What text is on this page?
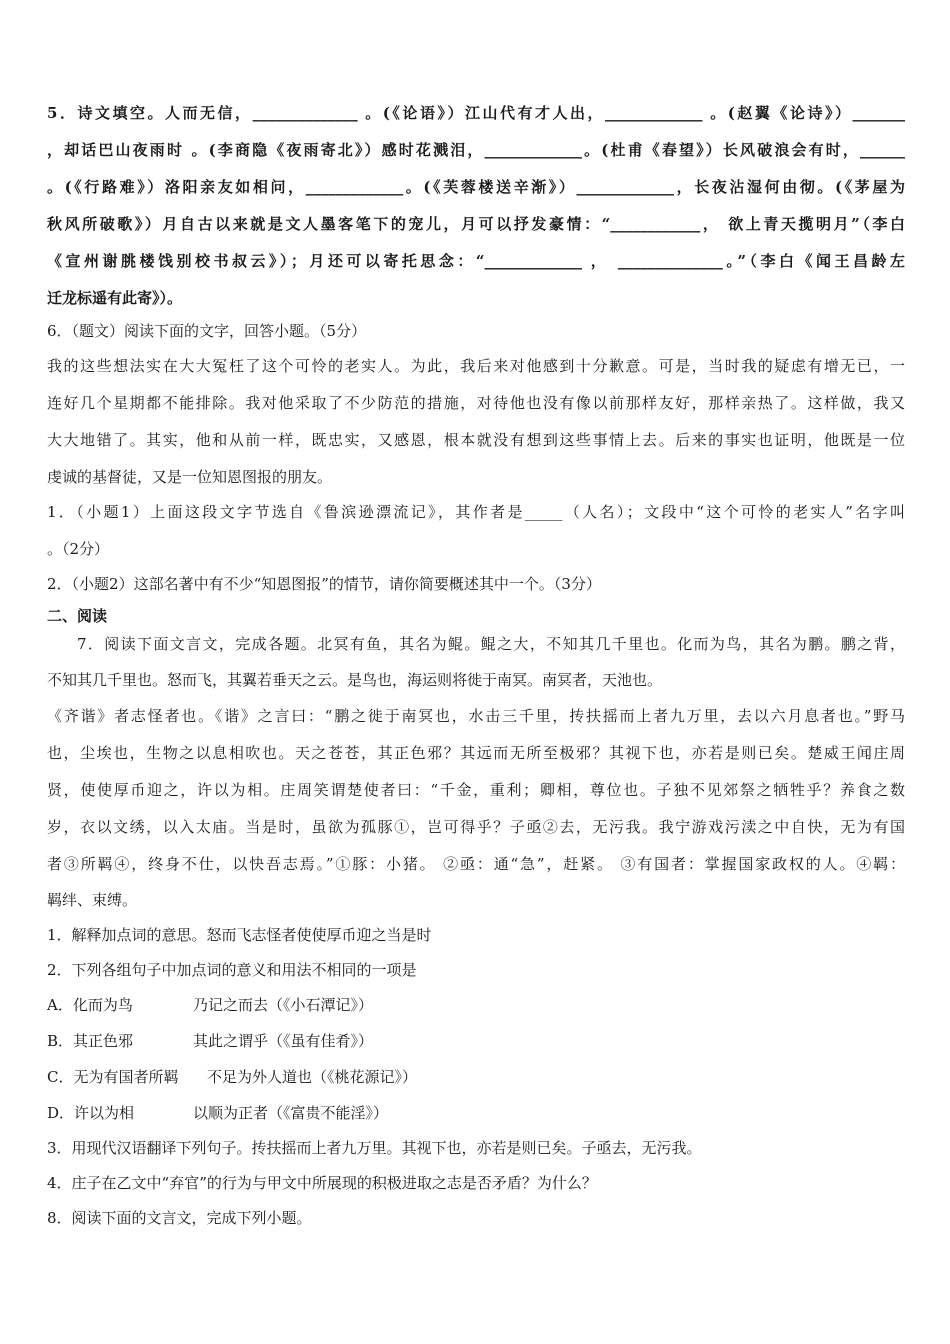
5．诗文填空。人而无信，______________ 。(《论语》）江山代有才人出，_____________ 。(赵翼《论诗》）_______
，却话巴山夜雨时 。(李商隐《夜雨寄北》）感时花溅泪，_____________。(杜甫《春望》）长风破浪会有时，______
。(《行路难》）洛阳亲友如相问，_____________。(《芙蓉楼送辛渐》）_____________，长夜沾湿何由彻。(《茅屋为
秋风所破歌》）月自古以来就是文人墨客笔下的宠儿，月可以抒发豪情：“____________， 欲上青天揽明月”（李白
《宣州谢朓楼饯别校书叔云》）；月还可以寄托思念：“_____________ ， ______________。”（李白《闻王昌龄左
迁龙标遥有此寄》）。
6．（题文）阅读下面的文字，回答小题。（5分）
我的这些想法实在大大冤枉了这个可怜的老实人。为此，我后来对他感到十分歉意。可是，当时我的疑虑有增无已，一
连好几个星期都不能排除。我对他采取了不少防范的措施，对待他也没有像以前那样友好，那样亲热了。这样做，我又
大大地错了。其实，他和从前一样，既忠实，又感恩，根本就没有想到这些事情上去。后来的事实也证明，他既是一位
虔诚的基督徒，又是一位知恩图报的朋友。
1．（小题1）上面这段文字节选自《鲁滨逊漂流记》，其作者是_____（人名）；文段中“这个可怜的老实人”名字叫
。（2分）
2．（小题2）这部名著中有不少“知恩图报”的情节，请你简要概述其中一个。（3分）
二、阅读
7．阅读下面文言文，完成各题。北冥有鱼，其名为鲲。鲲之大，不知其几千里也。化而为鸟，其名为鹏。鹏之背，
不知其几千里也。怒而飞，其翼若垂天之云。是鸟也，海运则将徙于南冥。南冥者，天池也。
《齐谐》者志怪者也。《谐》之言曰：“鹏之徙于南冥也，水击三千里，抟扶摇而上者九万里，去以六月息者也。”野马
也，尘埃也，生物之以息相吹也。天之苍苍，其正色邪？其远而无所至极邪？其视下也，亦若是则已矣。楚威王闻庄周
贤，使使厚币迎之，许以为相。庄周笑谓楚使者曰：“千金，重利；卿相，尊位也。子独不见郊祭之牺牲乎？养食之数
岁，衣以文绣，以入太庙。当是时，虽欲为孤豚①，岂可得乎？子亟②去，无污我。我宁游戏污渎之中自快，无为有国
者③所羁④，终身不仕，以快吾志焉。”①豚：小猪。 ②亟：通“急”，赶紧。 ③有国者：掌握国家政权的人。④羁：
羁绊、束缚。
1．解释加点词的意思。怒而飞志怪者使使厚币迎之当是时
2．下列各组句子中加点词的意义和用法不相同的一项是
A．化而为鸟	乃记之而去（《小石潭记》）
B．其正色邪	其此之谓乎（《虽有佳肴》）
C．无为有国者所羁 不足为外人道也（《桃花源记》）
D．许以为相	以顺为正者（《富贵不能淫》）
3．用现代汉语翻译下列句子。抟扶摇而上者九万里。其视下也，亦若是则已矣。子亟去，无污我。
4．庄子在乙文中“弃官”的行为与甲文中所展现的积极进取之志是否矛盾？为什么？
8．阅读下面的文言文，完成下列小题。
